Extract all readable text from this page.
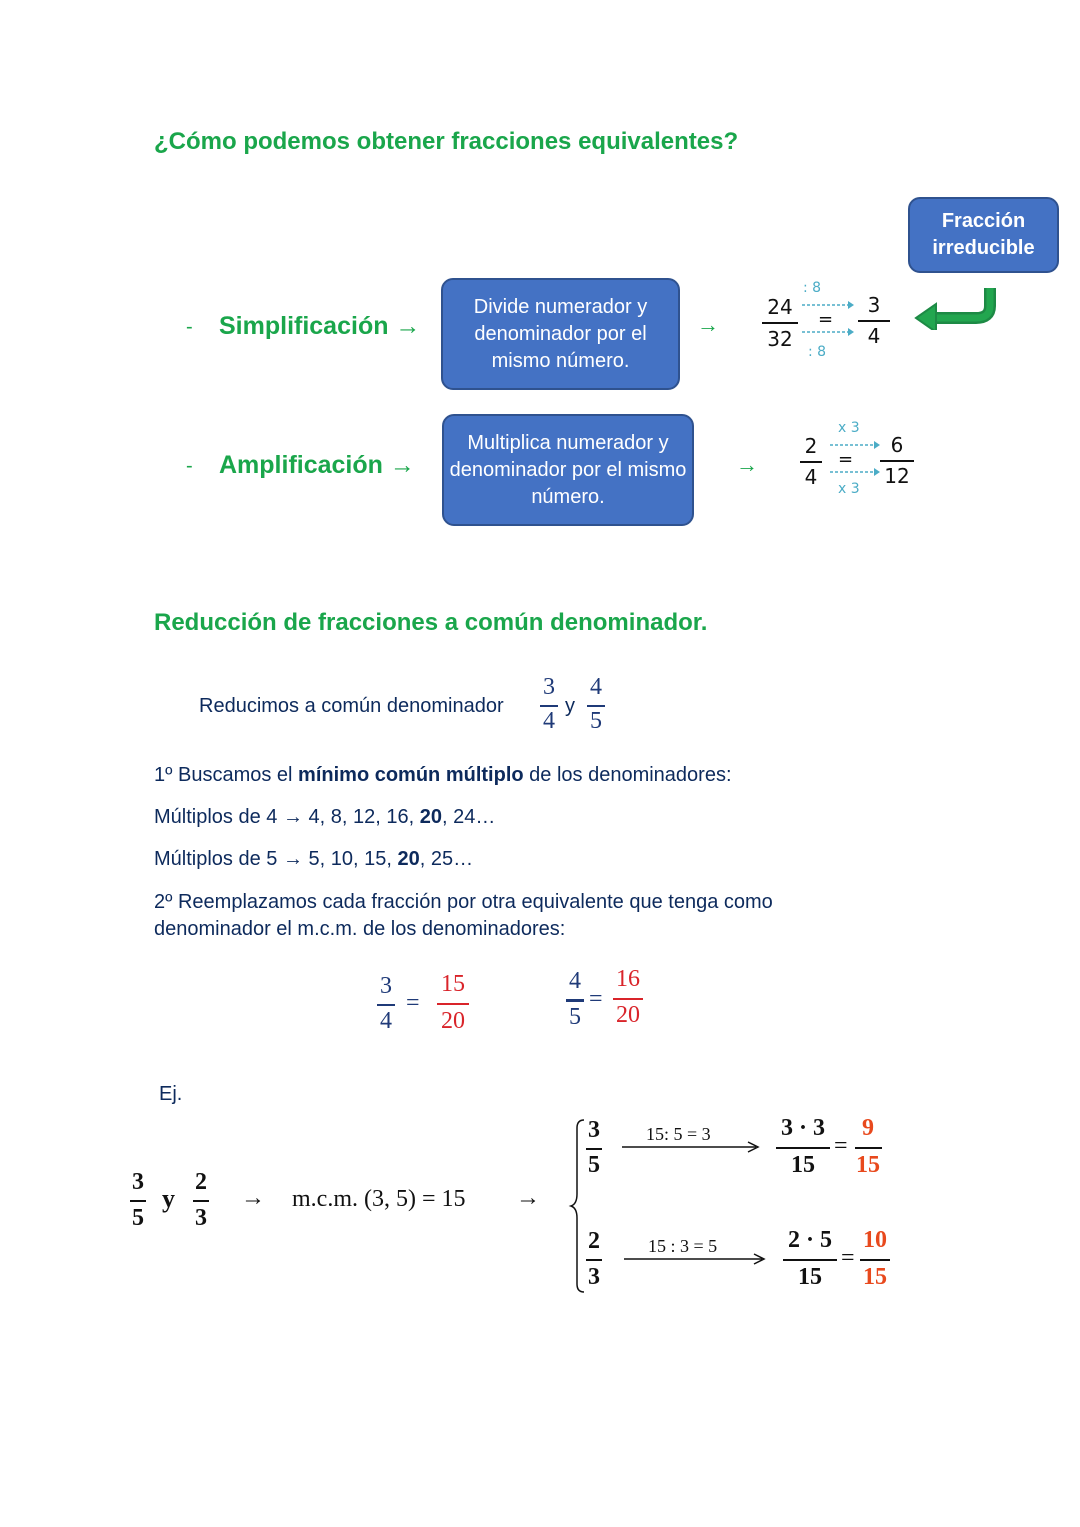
¿Cómo podemos obtener fracciones equivalentes?
Fracción irreducible
- Simplificación →
Divide numerador y denominador por el mismo número.
→
: 8
: 8
24
32
=
3
4
- Amplificación →
Multiplica numerador y denominador por el mismo número.
→
x 3
x 3
2
4
=
6
12
Reducción de fracciones a común denominador.
Reducimos a común denominador
3
4
y
4
5
1º Buscamos el mínimo común múltiplo de los denominadores:
Múltiplos de 4 → 4, 8, 12, 16, 20, 24…
Múltiplos de 5 → 5, 10, 15, 20, 25…
2º Reemplazamos cada fracción por otra equivalente que tenga como
denominador el m.c.m. de los denominadores:
3
4
=
15
20
4
5
=
16
20
Ej.
3
5
y
2
3
→ m.c.m. (3, 5) = 15 →
3
5
15: 5 = 3	3 · 3
15
=
9
15
2
3
15 : 3 = 5	2 · 5
15
=
10
15
